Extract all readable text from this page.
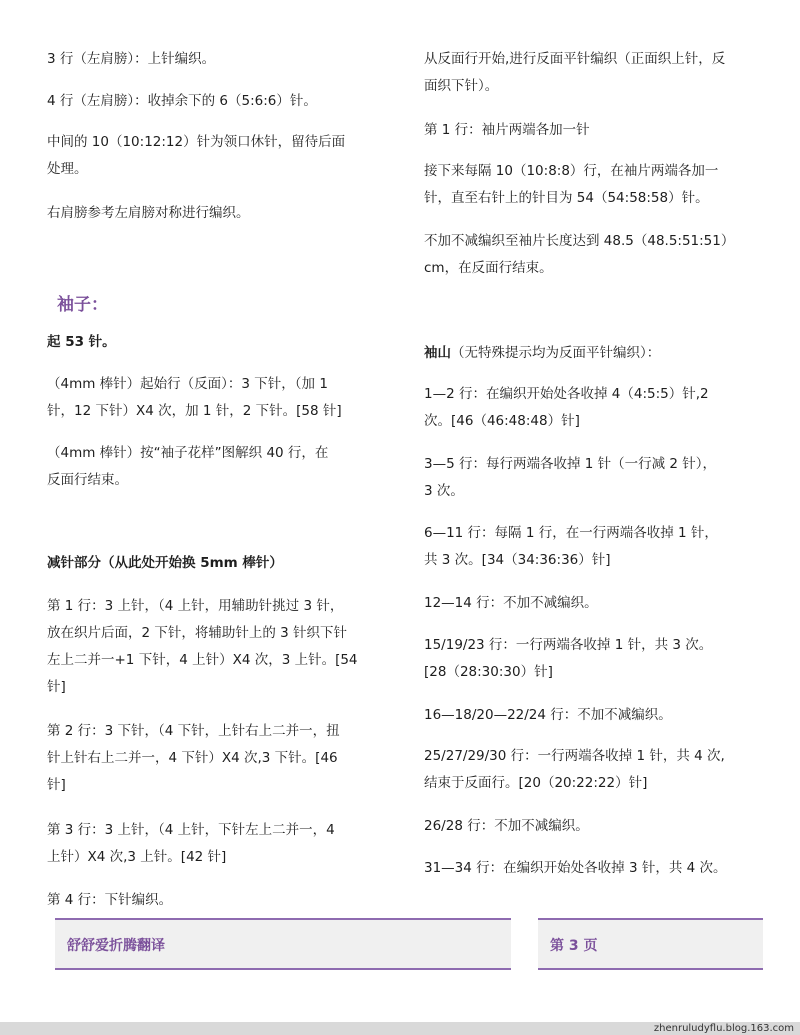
3 行（左肩膀）：上针编织。

4 行（左肩膀）：收掉余下的 6（5:6:6）针。

中间的 10（10:12:12）针为领口休针，留待后面
处理。

右肩膀参考左肩膀对称进行编织。

袖子：

起 53 针。

（4mm 棒针）起始行（反面）：3 下针，（加 1
针，12 下针）X4 次，加 1 针，2 下针。[58 针]

（4mm 棒针）按“袖子花样”图解织 40 行，在
反面行结束。

减针部分（从此处开始换 5mm 棒针）

第 1 行：3 上针，（4 上针，用辅助针挑过 3 针，
放在织片后面，2 下针，将辅助针上的 3 针织下针
左上二并一+1 下针，4 上针）X4 次，3 上针。[54
针]

第 2 行：3 下针，（4 下针，上针右上二并一，扭
针上针右上二并一，4 下针）X4 次,3 下针。[46
针]

第 3 行：3 上针，（4 上针，下针左上二并一，4
上针）X4 次,3 上针。[42 针]

第 4 行：下针编织。

从反面行开始,进行反面平针编织（正面织上针，反
面织下针）。

第 1 行：袖片两端各加一针

接下来每隔 10（10:8:8）行，在袖片两端各加一
针，直至右针上的针目为 54（54:58:58）针。

不加不减编织至袖片长度达到 48.5（48.5:51:51）
cm，在反面行结束。

袖山（无特殊提示均为反面平针编织）：

1—2 行：在编织开始处各收掉 4（4:5:5）针,2
次。[46（46:48:48）针]

3—5 行：每行两端各收掉 1 针（一行减 2 针），
3 次。

6—11 行：每隔 1 行，在一行两端各收掉 1 针，
共 3 次。[34（34:36:36）针]

12—14 行：不加不减编织。

15/19/23 行：一行两端各收掉 1 针，共 3 次。
[28（28:30:30）针]

16—18/20—22/24 行：不加不减编织。

25/27/29/30 行：一行两端各收掉 1 针，共 4 次,
结束于反面行。[20（20:22:22）针]

26/28 行：不加不减编织。

31—34 行：在编织开始处各收掉 3 针，共 4 次。

舒舒爱折腾翻译	第 3 页
zhenruludyflu.blog.163.com
